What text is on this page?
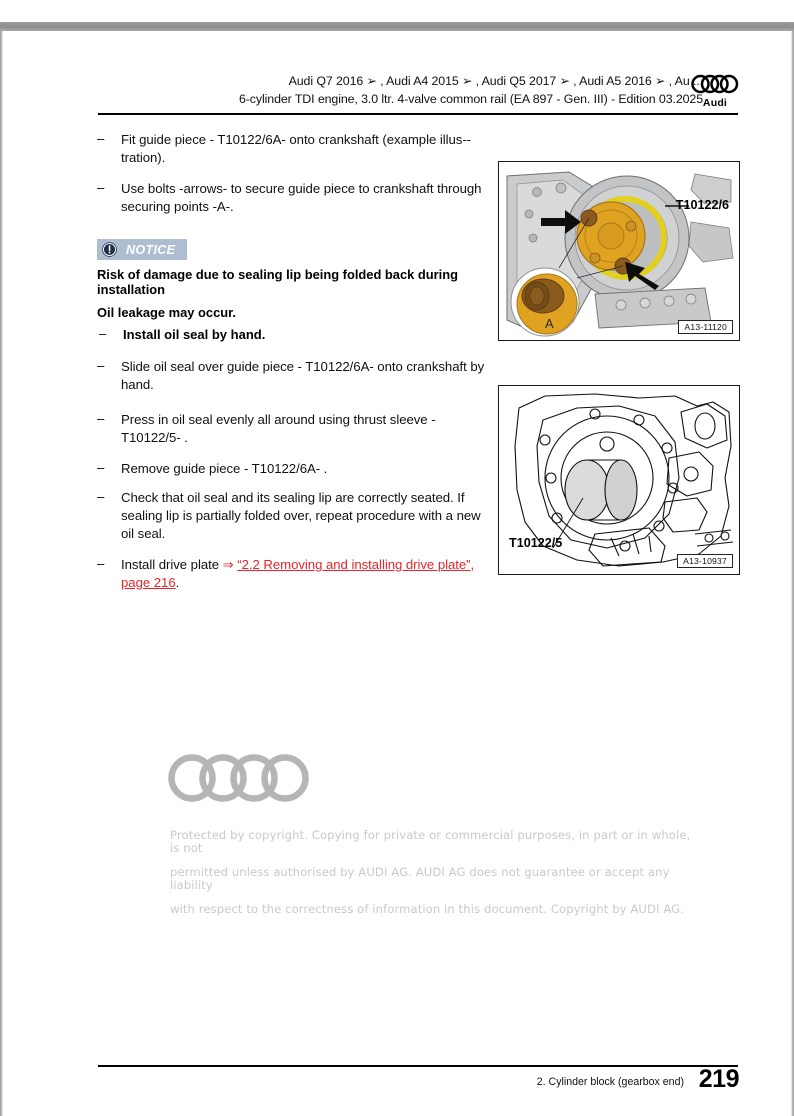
Audi Q7 2016 ➢ , Audi A4 2015 ➢ , Audi Q5 2017 ➢ , Audi A5 2016 ➢ , Au ...
6-cylinder TDI engine, 3.0 ltr. 4-valve common rail (EA 897 - Gen. III) - Edition 03.2025 Audi
– Fit guide piece - T10122/6A- onto crankshaft (example illus-tration).
– Use bolts -arrows- to secure guide piece to crankshaft through securing points -A-.
NOTICE
Risk of damage due to sealing lip being folded back during installation
Oil leakage may occur.
– Install oil seal by hand.
– Slide oil seal over guide piece - T10122/6A- onto crankshaft by hand.
– Press in oil seal evenly all around using thrust sleeve - T10122/5- .
– Remove guide piece - T10122/6A- .
– Check that oil seal and its sealing lip are correctly seated. If sealing lip is partially folded over, repeat procedure with a new oil seal.
– Install drive plate ⇒ “2.2 Removing and installing drive plate”, page 216.
A
T10122/6
A13-11120
T10122/5
A13-10937

Protected by copyright. Copying for private or commercial purposes, in part or in whole, is not

permitted unless authorised by AUDI AG. AUDI AG does not guarantee or accept any liability

with respect to the correctness of information in this document. Copyright by AUDI AG.

2. Cylinder block (gearbox end) 219
